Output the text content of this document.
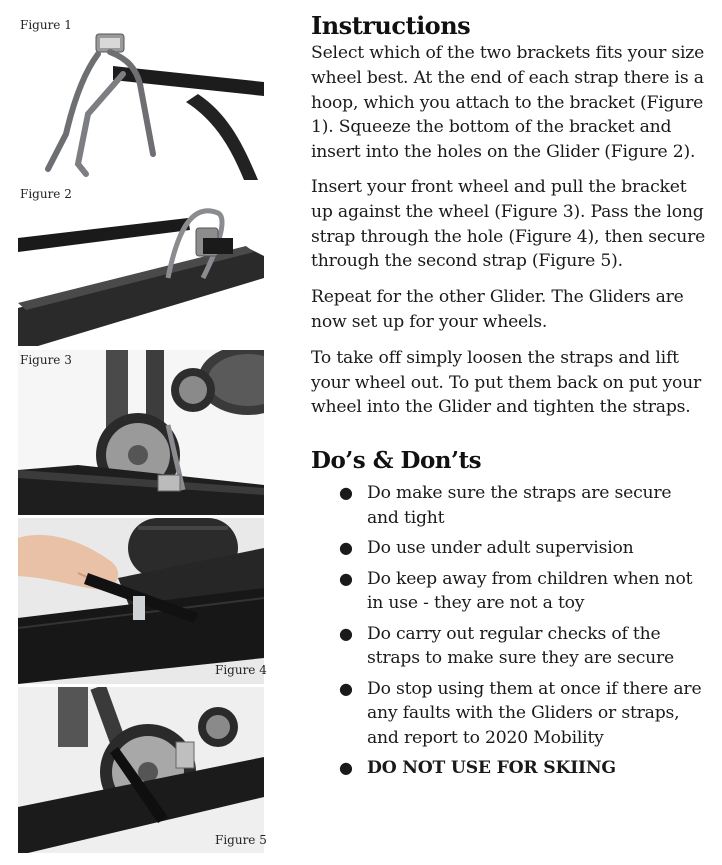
Figure 1
Figure 2
Figure 3
Figure 4
Figure 5
Instructions

Select which of the two brackets fits your size wheel best. At the end of each strap there is a hoop, which you attach to the bracket (Figure 1). Squeeze the bottom of the bracket and insert into the holes on the Glider (Figure 2).

Insert your front wheel and pull the bracket up against the wheel (Figure 3). Pass the long strap through the hole (Figure 4), then secure through the second strap (Figure 5).

Repeat for the other Glider. The Gliders are now set up for your wheels.

To take off simply loosen the straps and lift your wheel out. To put them back on put your wheel into the Glider and tighten the straps.

Do’s & Don’ts
● Do make sure the straps are secure and tight
● Do use under adult supervision
● Do keep away from children when not in use - they are not a toy
● Do carry out regular checks of the straps to make sure they are secure
● Do stop using them at once if there are any faults with the Gliders or straps, and report to 2020 Mobility
● DO NOT USE FOR SKIING
